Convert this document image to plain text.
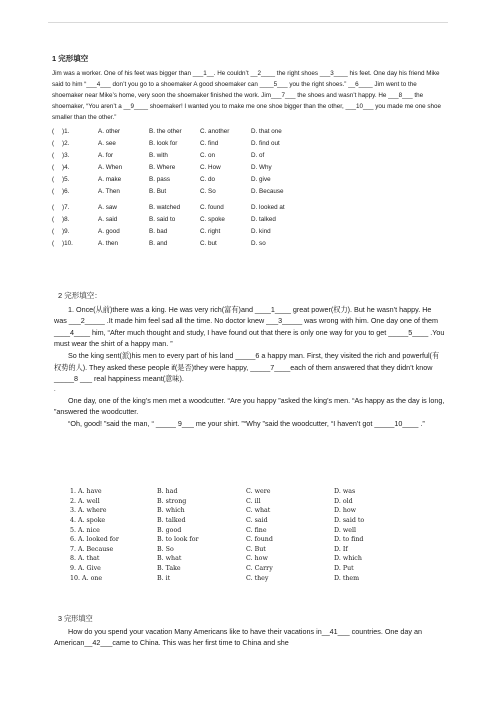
1 完形填空

Jim was a worker. One of his feet was bigger than ___1__. He couldn’t __2____ the right shoes ___3____ his feet. One day his friend Mike said to him “___4___ don’t you go to a shoemaker A good shoemaker can ____5___ you the right shoes.” __6____ Jim went to the shoemaker near Mike’s home, very soon the shoemaker finished the work. Jim___7___ the shoes and wasn’t happy. He ___8___ the shoemaker, “You aren’t a __9____ shoemaker! I wanted you to make me one shoe bigger than the other, ___10___ you made me one shoe smaller than the other.”

(	)1.	A. other	B. the other	C. another	D. that one
(	)2.	A. see	B. look for	C. find	D. find out
(	)3.	A. for	B. with	C. on	D. of
(	)4.	A. When	B. Where	C. How	D. Why
(	)5.	A. make	B. pass	C. do	D. give
(	)6.	A. Then	B. But	C. So	D. Because
(	)7.	A. saw	B. watched	C. found	D. looked at
(	)8.	A. said	B. said to	C. spoke	D. talked
(	)9.	A. good	B. bad	C. right	D. kind
(	)10.	A. then	B. and	C. but	D. so
2 完形填空：

1. Once(从前)there was a king. He was very rich(富有)and ____1____ great power(权力). But he wasn’t happy. He was ___2_____ .It made him feel sad all the time. No doctor knew ___3_____ was wrong with him. One day one of them ____4____ him, “After much thought and study, I have found out that there is only one way for you to get _____5____ .You must wear the shirt of a happy man. ”

So the king sent(派)his men to every part of his land _____6 a happy man. First, they visited the rich and powerful(有权势的人). They asked these people if(是否)they were happy, _____7____each of them answered that they didn’t know _____8 ___ real happiness meant(意味).

.

One day, one of the king’s men met a woodcutter. “Are you happy ”asked the king’s men. “As happy as the day is long, ”answered the woodcutter.

“Oh, good! ”said the man, “ _____ 9___ me your shirt. ”“Why ”said the woodcutter, “I haven’t got _____10____ .”

1. A. have	B. had	C. were	D. was
2. A. well	B. strong	C. ill	D. old
3. A. where	B. which	C. what	D. how
4. A. spoke	B. talked	C. said	D. said to
5. A. nice	B. good	C. fine	D. well
6. A. looked for	B. to look for	C. found	D. to find
7. A. Because	B. So	C. But	D. If
8. A. that	B. what	C. how	D. which
9. A. Give	B. Take	C. Carry	D. Put
10. A. one	B. it	C. they	D. them
3 完形填空

How do you spend your vacation Many Americans like to have their vacations in__41___ countries. One day an American__42___came to China. This was her first time to China and she
